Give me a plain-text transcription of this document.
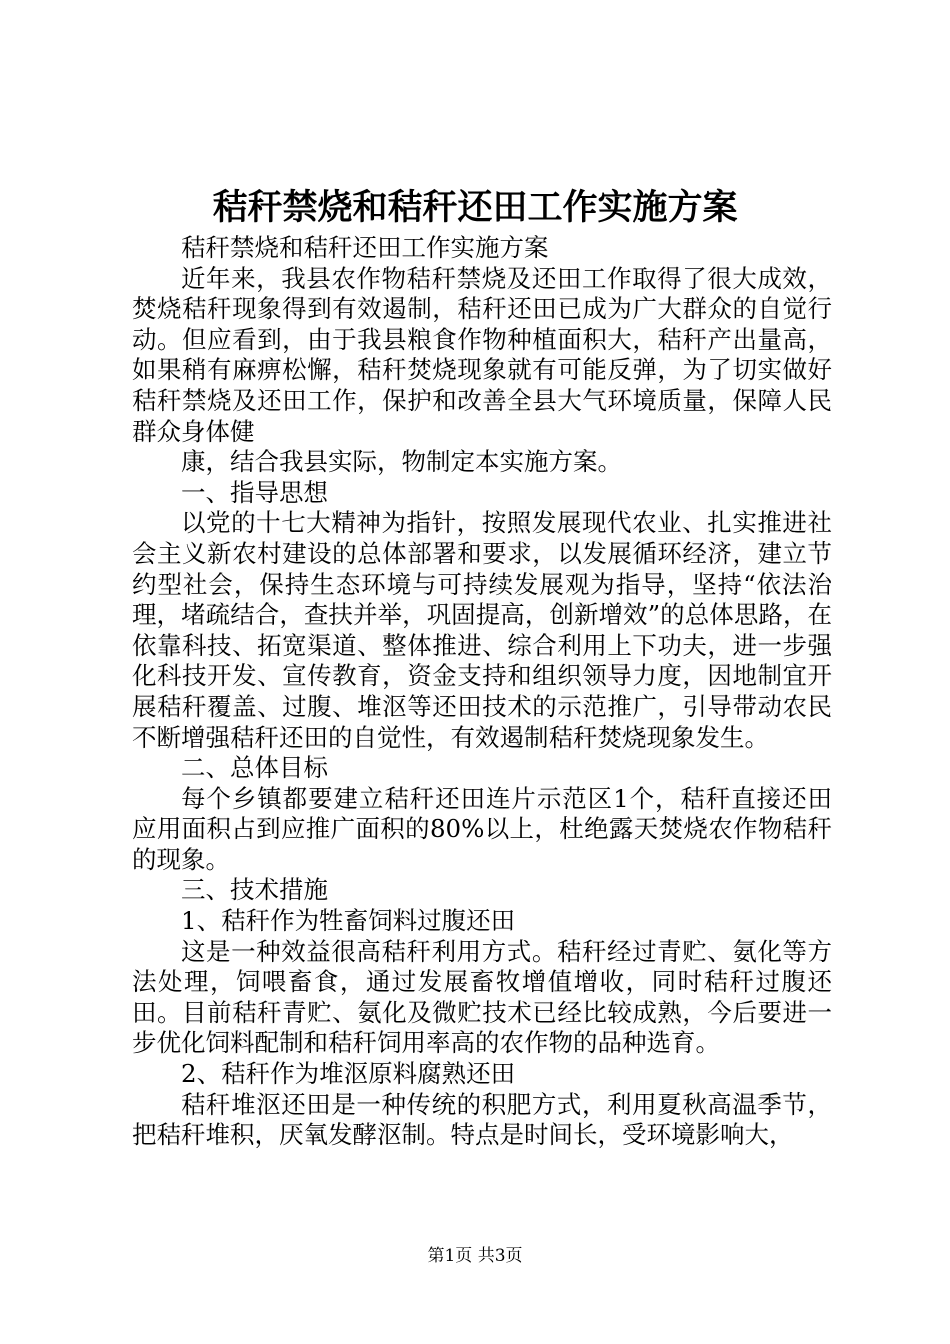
秸秆禁烧和秸秆还田工作实施方案

秸秆禁烧和秸秆还田工作实施方案

近年来，我县农作物秸秆禁烧及还田工作取得了很大成效，焚烧秸秆现象得到有效遏制，秸秆还田已成为广大群众的自觉行动。但应看到，由于我县粮食作物种植面积大，秸秆产出量高，如果稍有麻痹松懈，秸秆焚烧现象就有可能反弹，为了切实做好秸秆禁烧及还田工作，保护和改善全县大气环境质量，保障人民群众身体健

康，结合我县实际，物制定本实施方案。

一、指导思想

以党的十七大精神为指针，按照发展现代农业、扎实推进社会主义新农村建设的总体部署和要求，以发展循环经济，建立节约型社会，保持生态环境与可持续发展观为指导，坚持“依法治理，堵疏结合，查扶并举，巩固提高，创新增效”的总体思路，在依靠科技、拓宽渠道、整体推进、综合利用上下功夫，进一步强化科技开发、宣传教育，资金支持和组织领导力度，因地制宜开展秸秆覆盖、过腹、堆沤等还田技术的示范推广，引导带动农民不断增强秸秆还田的自觉性，有效遏制秸秆焚烧现象发生。

二、总体目标

每个乡镇都要建立秸秆还田连片示范区1个，秸秆直接还田应用面积占到应推广面积的80%以上，杜绝露天焚烧农作物秸秆的现象。

三、技术措施

1、秸秆作为牲畜饲料过腹还田

这是一种效益很高秸秆利用方式。秸秆经过青贮、氨化等方法处理，饲喂畜食，通过发展畜牧增值增收，同时秸秆过腹还田。目前秸秆青贮、氨化及微贮技术已经比较成熟，今后要进一步优化饲料配制和秸秆饲用率高的农作物的品种选育。

2、秸秆作为堆沤原料腐熟还田

秸秆堆沤还田是一种传统的积肥方式，利用夏秋高温季节，把秸秆堆积，厌氧发酵沤制。特点是时间长，受环境影响大，

第1页 共3页
